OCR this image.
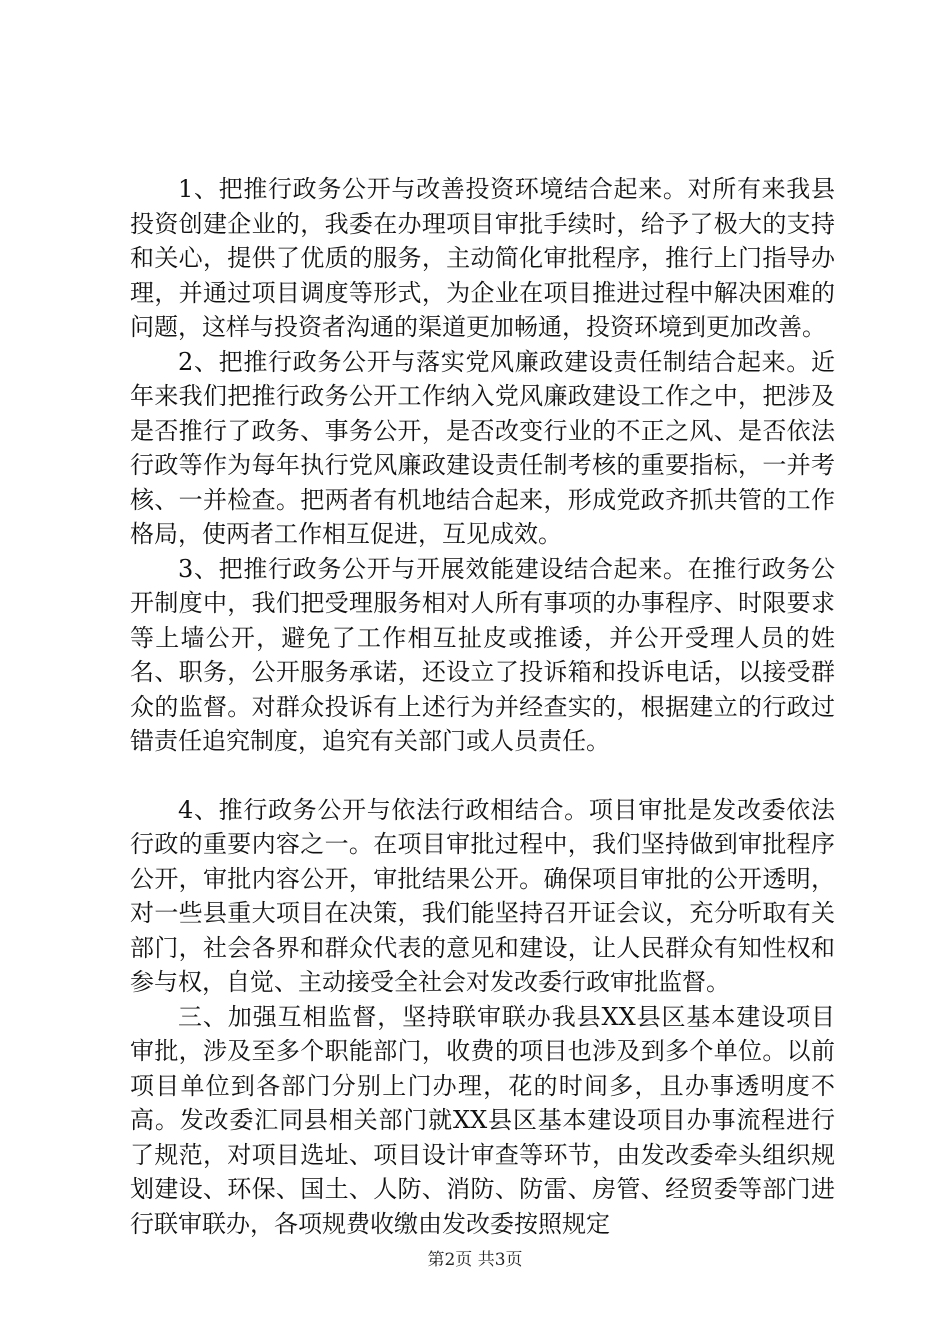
1、把推行政务公开与改善投资环境结合起来。对所有来我县投资创建企业的，我委在办理项目审批手续时，给予了极大的支持和关心，提供了优质的服务，主动简化审批程序，推行上门指导办理，并通过项目调度等形式，为企业在项目推进过程中解决困难的问题，这样与投资者沟通的渠道更加畅通，投资环境到更加改善。

2、把推行政务公开与落实党风廉政建设责任制结合起来。近年来我们把推行政务公开工作纳入党风廉政建设工作之中，把涉及是否推行了政务、事务公开，是否改变行业的不正之风、是否依法行政等作为每年执行党风廉政建设责任制考核的重要指标，一并考核、一并检查。把两者有机地结合起来，形成党政齐抓共管的工作格局，使两者工作相互促进，互见成效。

3、把推行政务公开与开展效能建设结合起来。在推行政务公开制度中，我们把受理服务相对人所有事项的办事程序、时限要求等上墙公开，避免了工作相互扯皮或推诿，并公开受理人员的姓名、职务，公开服务承诺，还设立了投诉箱和投诉电话，以接受群众的监督。对群众投诉有上述行为并经查实的，根据建立的行政过错责任追究制度，追究有关部门或人员责任。

4、推行政务公开与依法行政相结合。项目审批是发改委依法行政的重要内容之一。在项目审批过程中，我们坚持做到审批程序公开，审批内容公开，审批结果公开。确保项目审批的公开透明，对一些县重大项目在决策，我们能坚持召开证会议，充分听取有关部门，社会各界和群众代表的意见和建设，让人民群众有知性权和参与权，自觉、主动接受全社会对发改委行政审批监督。

三、加强互相监督，坚持联审联办我县XX县区基本建设项目审批，涉及至多个职能部门，收费的项目也涉及到多个单位。以前项目单位到各部门分别上门办理，花的时间多，且办事透明度不高。发改委汇同县相关部门就XX县区基本建设项目办事流程进行了规范，对项目选址、项目设计审查等环节，由发改委牵头组织规划建设、环保、国土、人防、消防、防雷、房管、经贸委等部门进行联审联办，各项规费收缴由发改委按照规定

第2页 共3页
